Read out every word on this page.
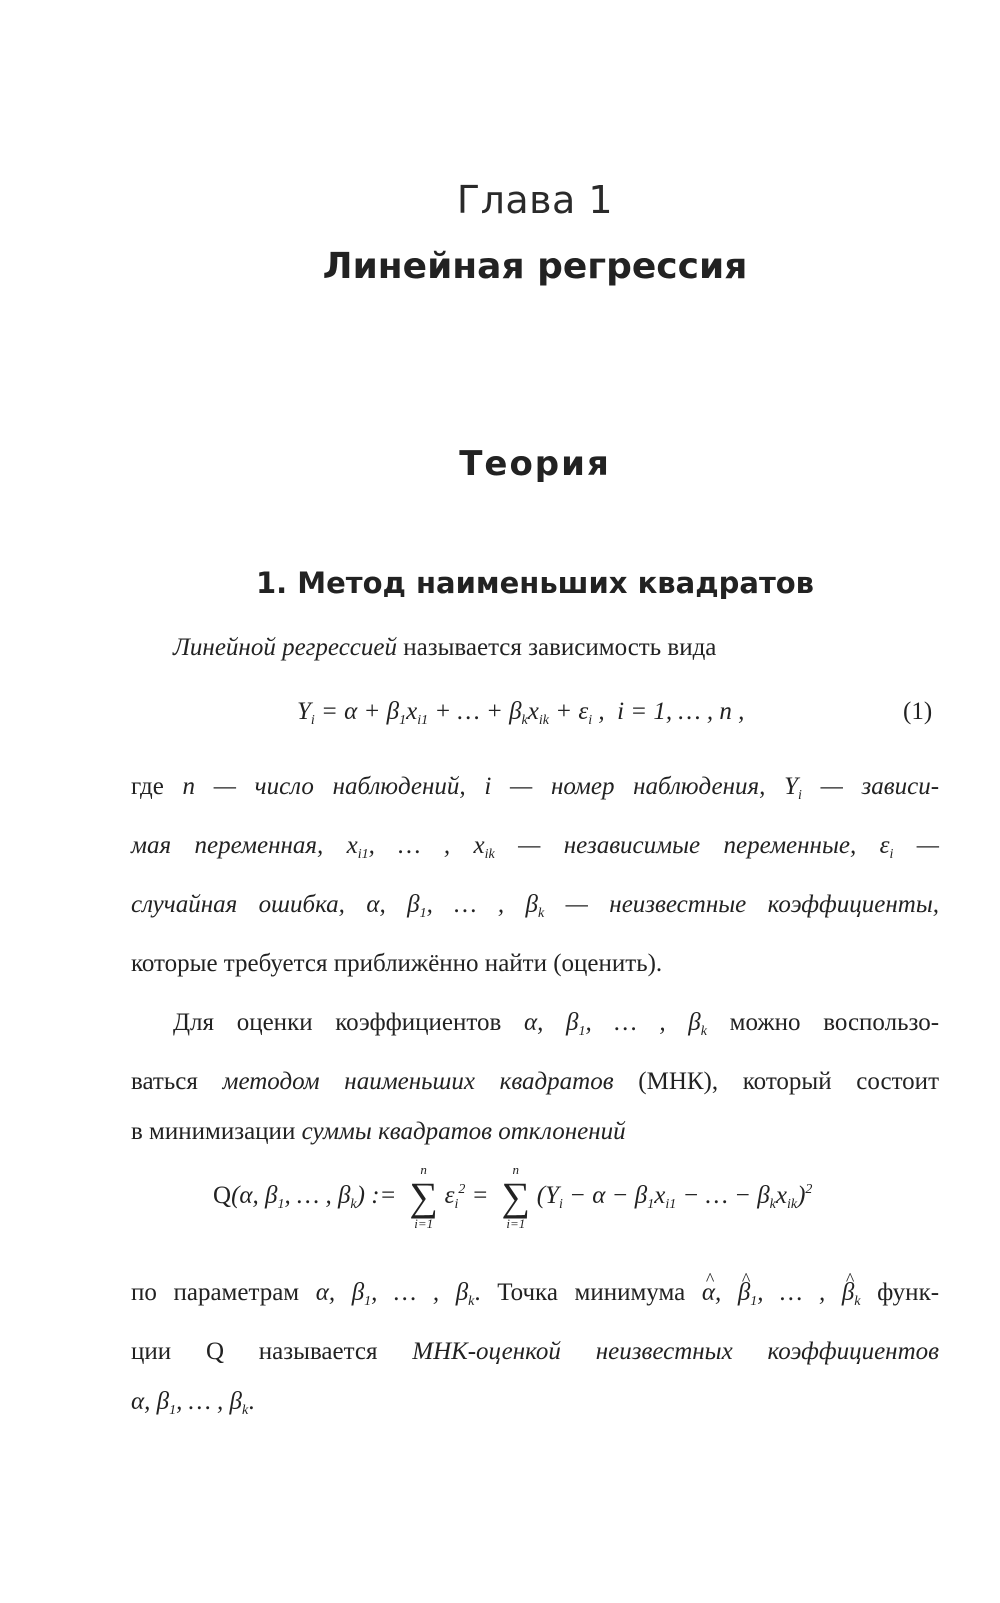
Глава 1
Линейная регрессия
Теория
1. Метод наименьших квадратов
Линейной регрессией называется зависимость вида
$Y_i = \alpha + \beta_1x_{i1}$ + … + $\beta_kx_{ik} + \varepsilon_i$ ,  i = 1, … , n ,	(1)
где n — число наблюдений, i — номер наблюдения, $Y_i$ — зависи-
мая переменная, $x_{i1}$, … , $x_{ik}$ — независимые переменные, $\varepsilon_i$ —
случайная ошибка, α, $\beta_1$, … , $\beta_k$ — неизвестные коэффициенты,
которые требуется приближённо найти (оценить).
Для оценки коэффициентов α, $\beta_1$, … , $\beta_k$ можно воспользо-
ваться методом наименьших квадратов (МНК), который состоит
в минимизации суммы квадратов отклонений
Q(α, $\beta_1$, … , $\beta_k$) :=
n
∑
i=1
$\varepsilon_i^2$ =
n
∑
i=1
($Y_i - \alpha - \beta_1x_{i1}$ − … − $\beta_kx_{ik})^2$
по параметрам α, $\beta_1$, … , $\beta_k$. Точка минимума ^ α, ^ $\beta_1$, … , ^ $\beta_k$ функ-
ции Q называется МНК-оценкой неизвестных коэффициентов
α, $\beta_1$, … , $\beta_k$.
